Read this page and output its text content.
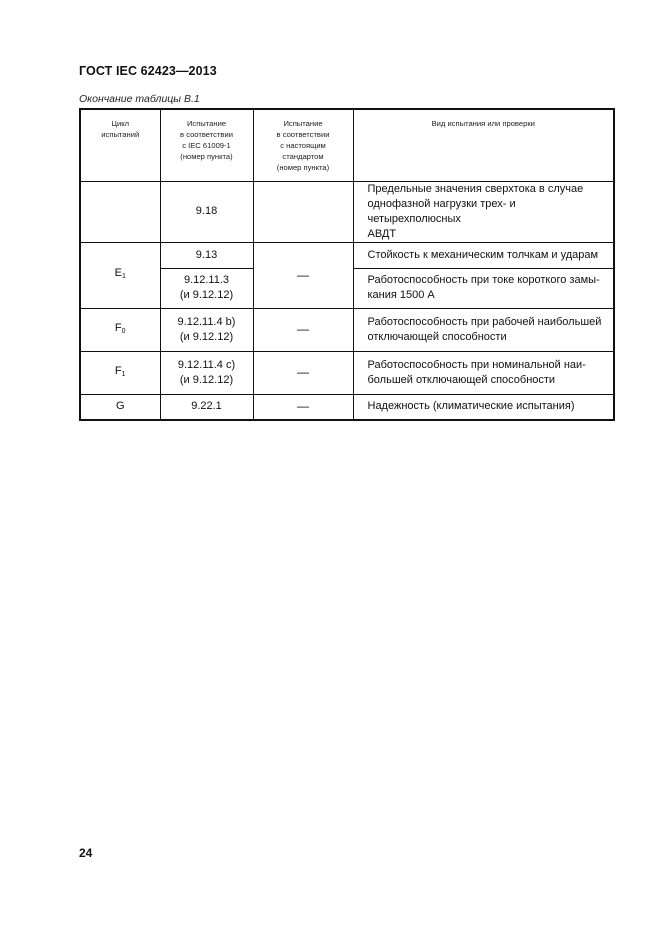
ГОСТ IEC 62423—2013
Окончание таблицы В.1
Цикл
испытаний	Испытание
в соответствии
с IEC 61009-1
(номер пункта)	Испытание
в соответствии
с настоящим
стандартом
(номер пункта)	Вид испытания или проверки
	9.18		Предельные значения сверхтока в случае
однофазной нагрузки трех- и четырехполюсных
АВДТ
$E_1$	9.13	—	Стойкость к механическим толчкам и ударам
	9.12.11.3
(и 9.12.12)		Работоспособность при токе короткого замы-
кания 1500 А
$F_0$	9.12.11.4 b)
(и 9.12.12)	—	Работоспособность при рабочей наибольшей
отключающей способности
$F_1$	9.12.11.4 c)
(и 9.12.12)	—	Работоспособность при номинальной наи-
большей отключающей способности
G	9.22.1	—	Надежность (климатические испытания)
24
